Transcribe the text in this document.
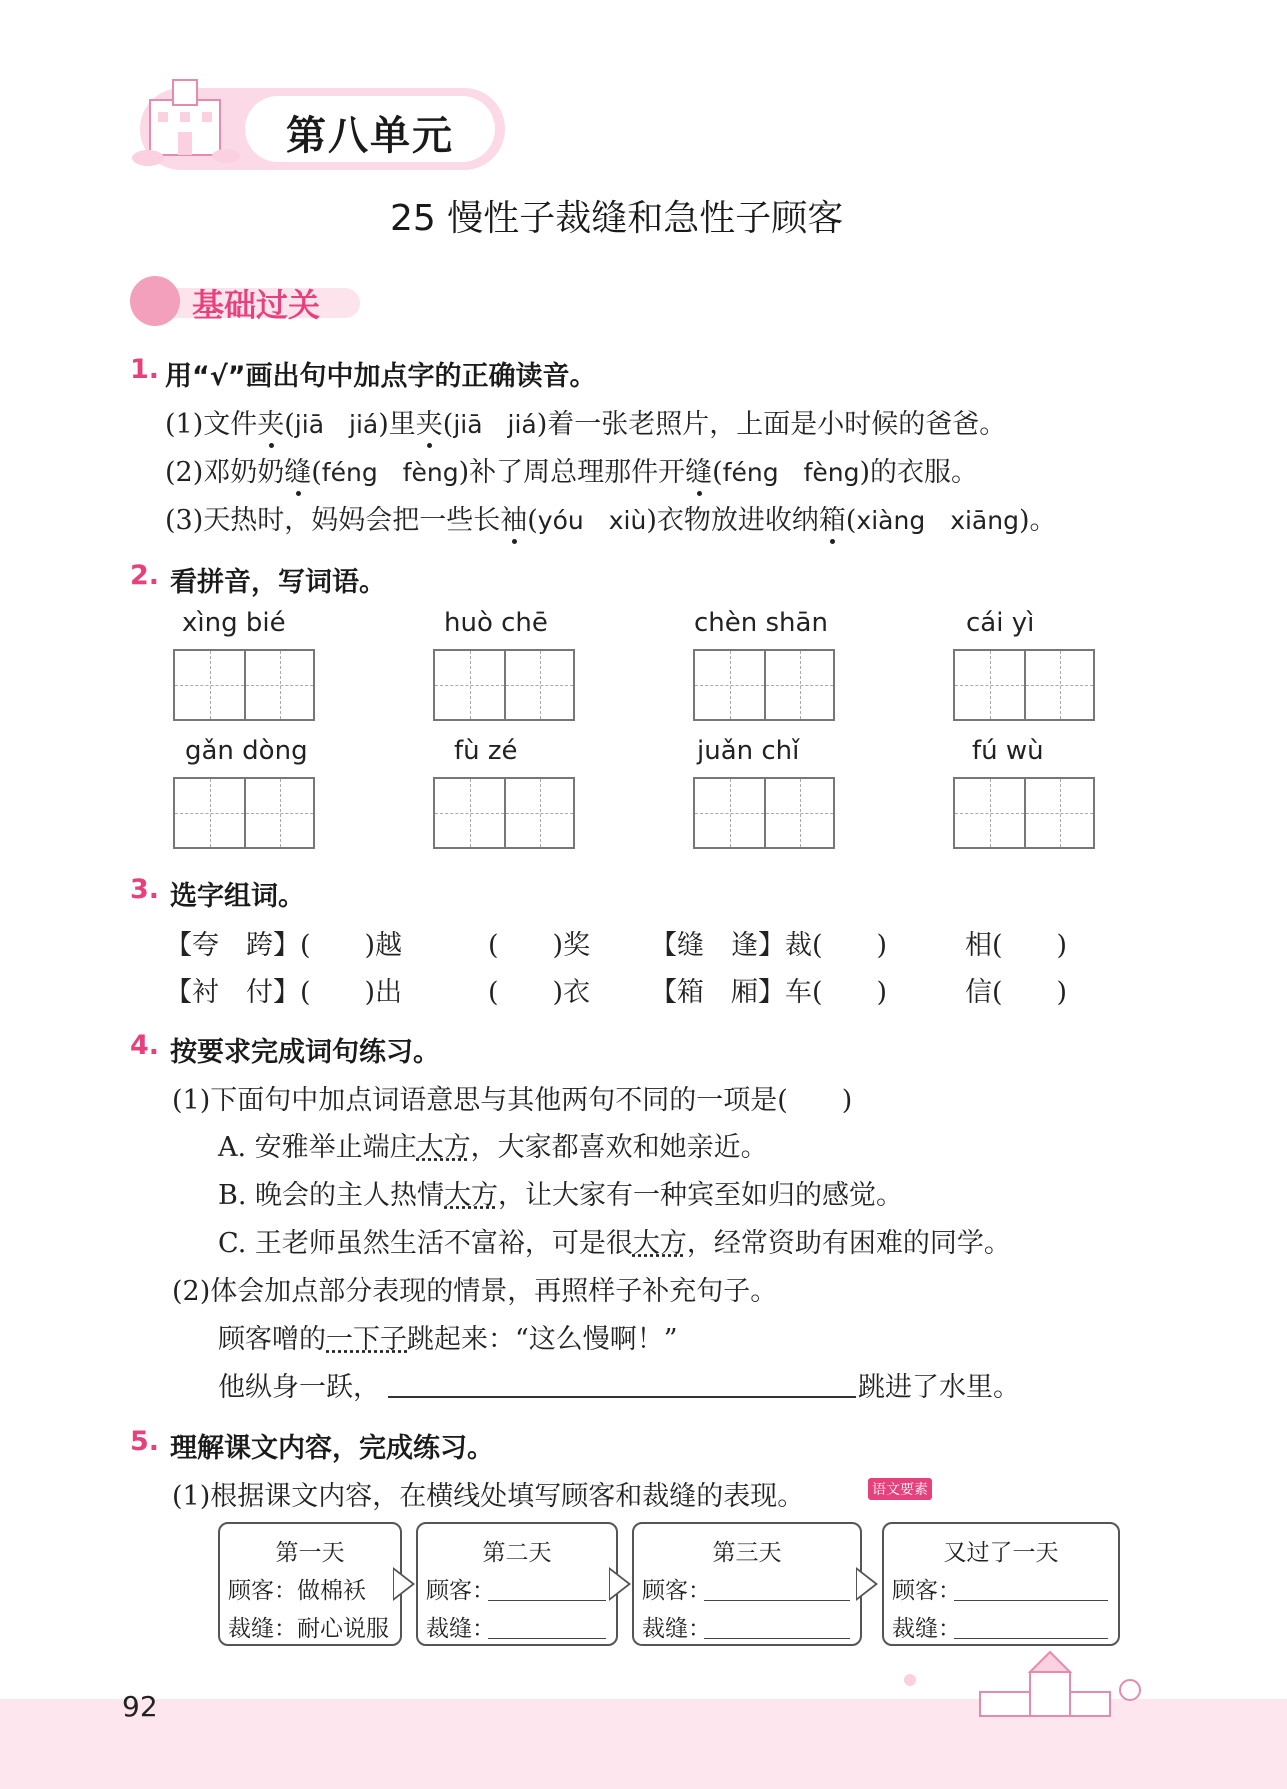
第八单元
25 慢性子裁缝和急性子顾客
基础过关
1. 用“√”画出句中加点字的正确读音。
(1)文件夹(jiā　jiá)里夹(jiā　jiá)着一张老照片，上面是小时候的爸爸。
(2)邓奶奶缝(féng　fèng)补了周总理那件开缝(féng　fèng)的衣服。
(3)天热时，妈妈会把一些长袖(yóu　xiù)衣物放进收纳箱(xiàng　xiāng)。
2. 看拼音，写词语。
xìng bié	huò chē	chèn shān	cái yì
gǎn dòng	fù zé	juǎn chǐ	fú wù
3. 选字组词。
【夸　跨】(　　)越	(　　)奖 【缝　逢】裁(　　)	相(　　)
【衬　付】(　　)出	(　　)衣 【箱　厢】车(　　)	信(　　)
4. 按要求完成词句练习。
(1)下面句中加点词语意思与其他两句不同的一项是(　　)
A. 安雅举止端庄大方，大家都喜欢和她亲近。
B. 晚会的主人热情大方，让大家有一种宾至如归的感觉。
C. 王老师虽然生活不富裕，可是很大方，经常资助有困难的同学。
(2)体会加点部分表现的情景，再照样子补充句子。
顾客噌的一下子跳起来：“这么慢啊！”
他纵身一跃，	跳进了水里。
5. 理解课文内容，完成练习。
(1)根据课文内容，在横线处填写顾客和裁缝的表现。	语文要素
第一天
顾客：做棉袄
裁缝：耐心说服
第二天
顾客：
裁缝：
第三天
顾客：
裁缝：
又过了一天
顾客：
裁缝：
92
